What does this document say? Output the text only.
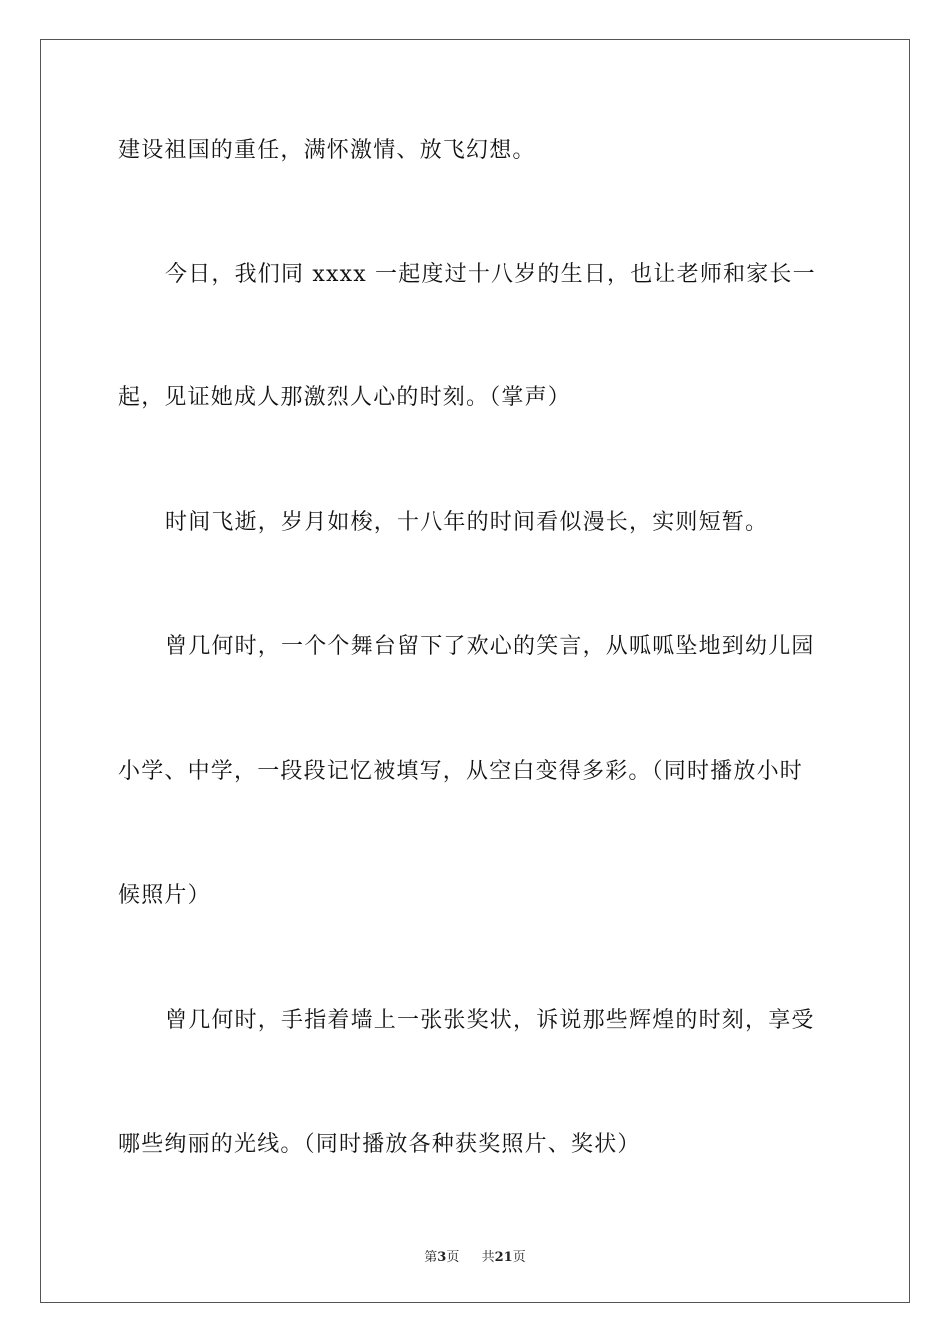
建设祖国的重任，满怀激情、放飞幻想。
今日，我们同 xxxx 一起度过十八岁的生日，也让老师和家长一
起，见证她成人那激烈人心的时刻。（掌声）
时间飞逝，岁月如梭，十八年的时间看似漫长，实则短暂。
曾几何时，一个个舞台留下了欢心的笑言，从呱呱坠地到幼儿园
小学、中学，一段段记忆被填写，从空白变得多彩。（同时播放小时
候照片）
曾几何时，手指着墙上一张张奖状，诉说那些辉煌的时刻，享受
哪些绚丽的光线。（同时播放各种获奖照片、奖状）
第3页 共21页
